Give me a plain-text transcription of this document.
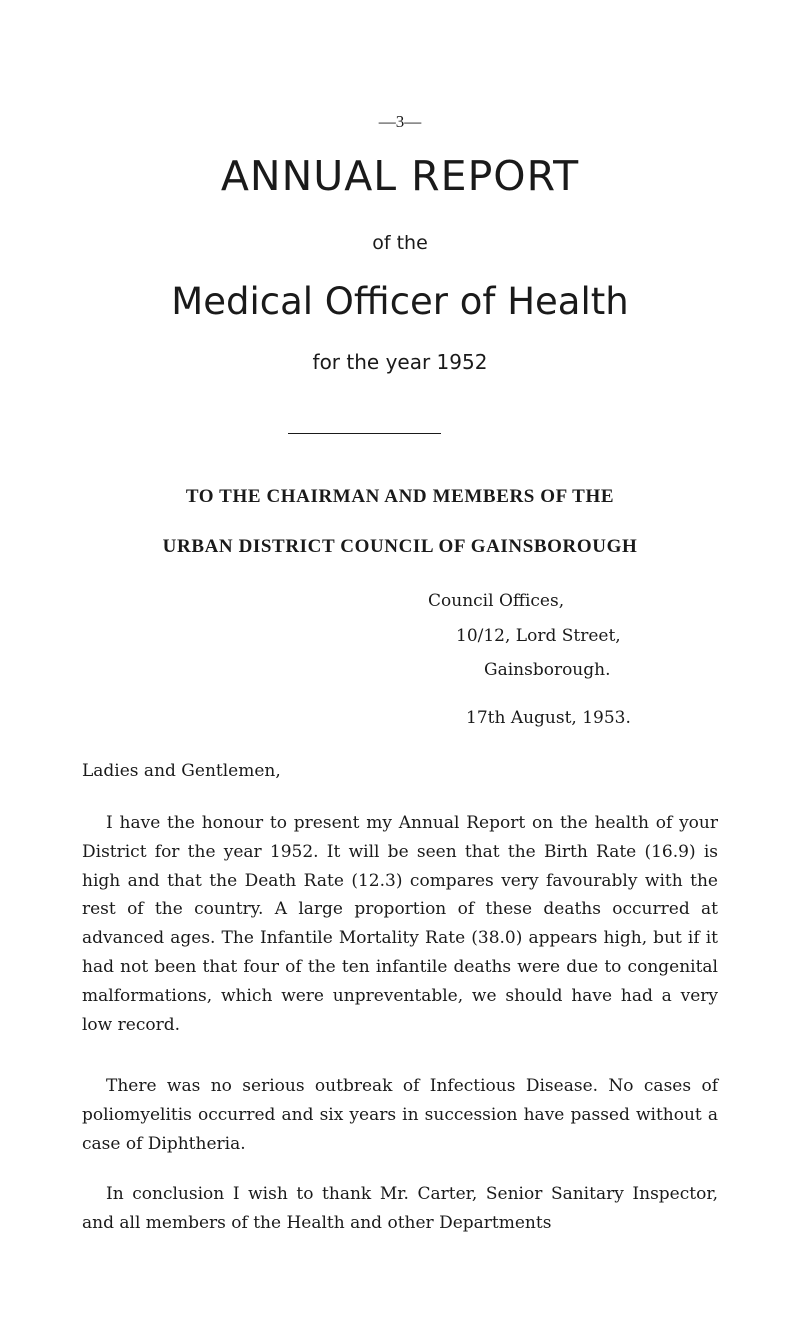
—3—
ANNUAL REPORT
of the
Medical Officer of Health
for the year 1952
TO THE CHAIRMAN AND MEMBERS OF THE
URBAN DISTRICT COUNCIL OF GAINSBOROUGH
Council Offices,
10/12, Lord Street,
Gainsborough.
17th August, 1953.
Ladies and Gentlemen,

I have the honour to present my Annual Report on the health of your District for the year 1952. It will be seen that the Birth Rate (16.9) is high and that the Death Rate (12.3) compares very favourably with the rest of the country. A large proportion of these deaths occurred at advanced ages. The Infantile Mortality Rate (38.0) appears high, but if it had not been that four of the ten infantile deaths were due to congenital malformations, which were unpreventable, we should have had a very low record.

There was no serious outbreak of Infectious Disease. No cases of poliomyelitis occurred and six years in succession have passed without a case of Diphtheria.

In conclusion I wish to thank Mr. Carter, Senior Sanitary Inspector, and all members of the Health and other Departments
